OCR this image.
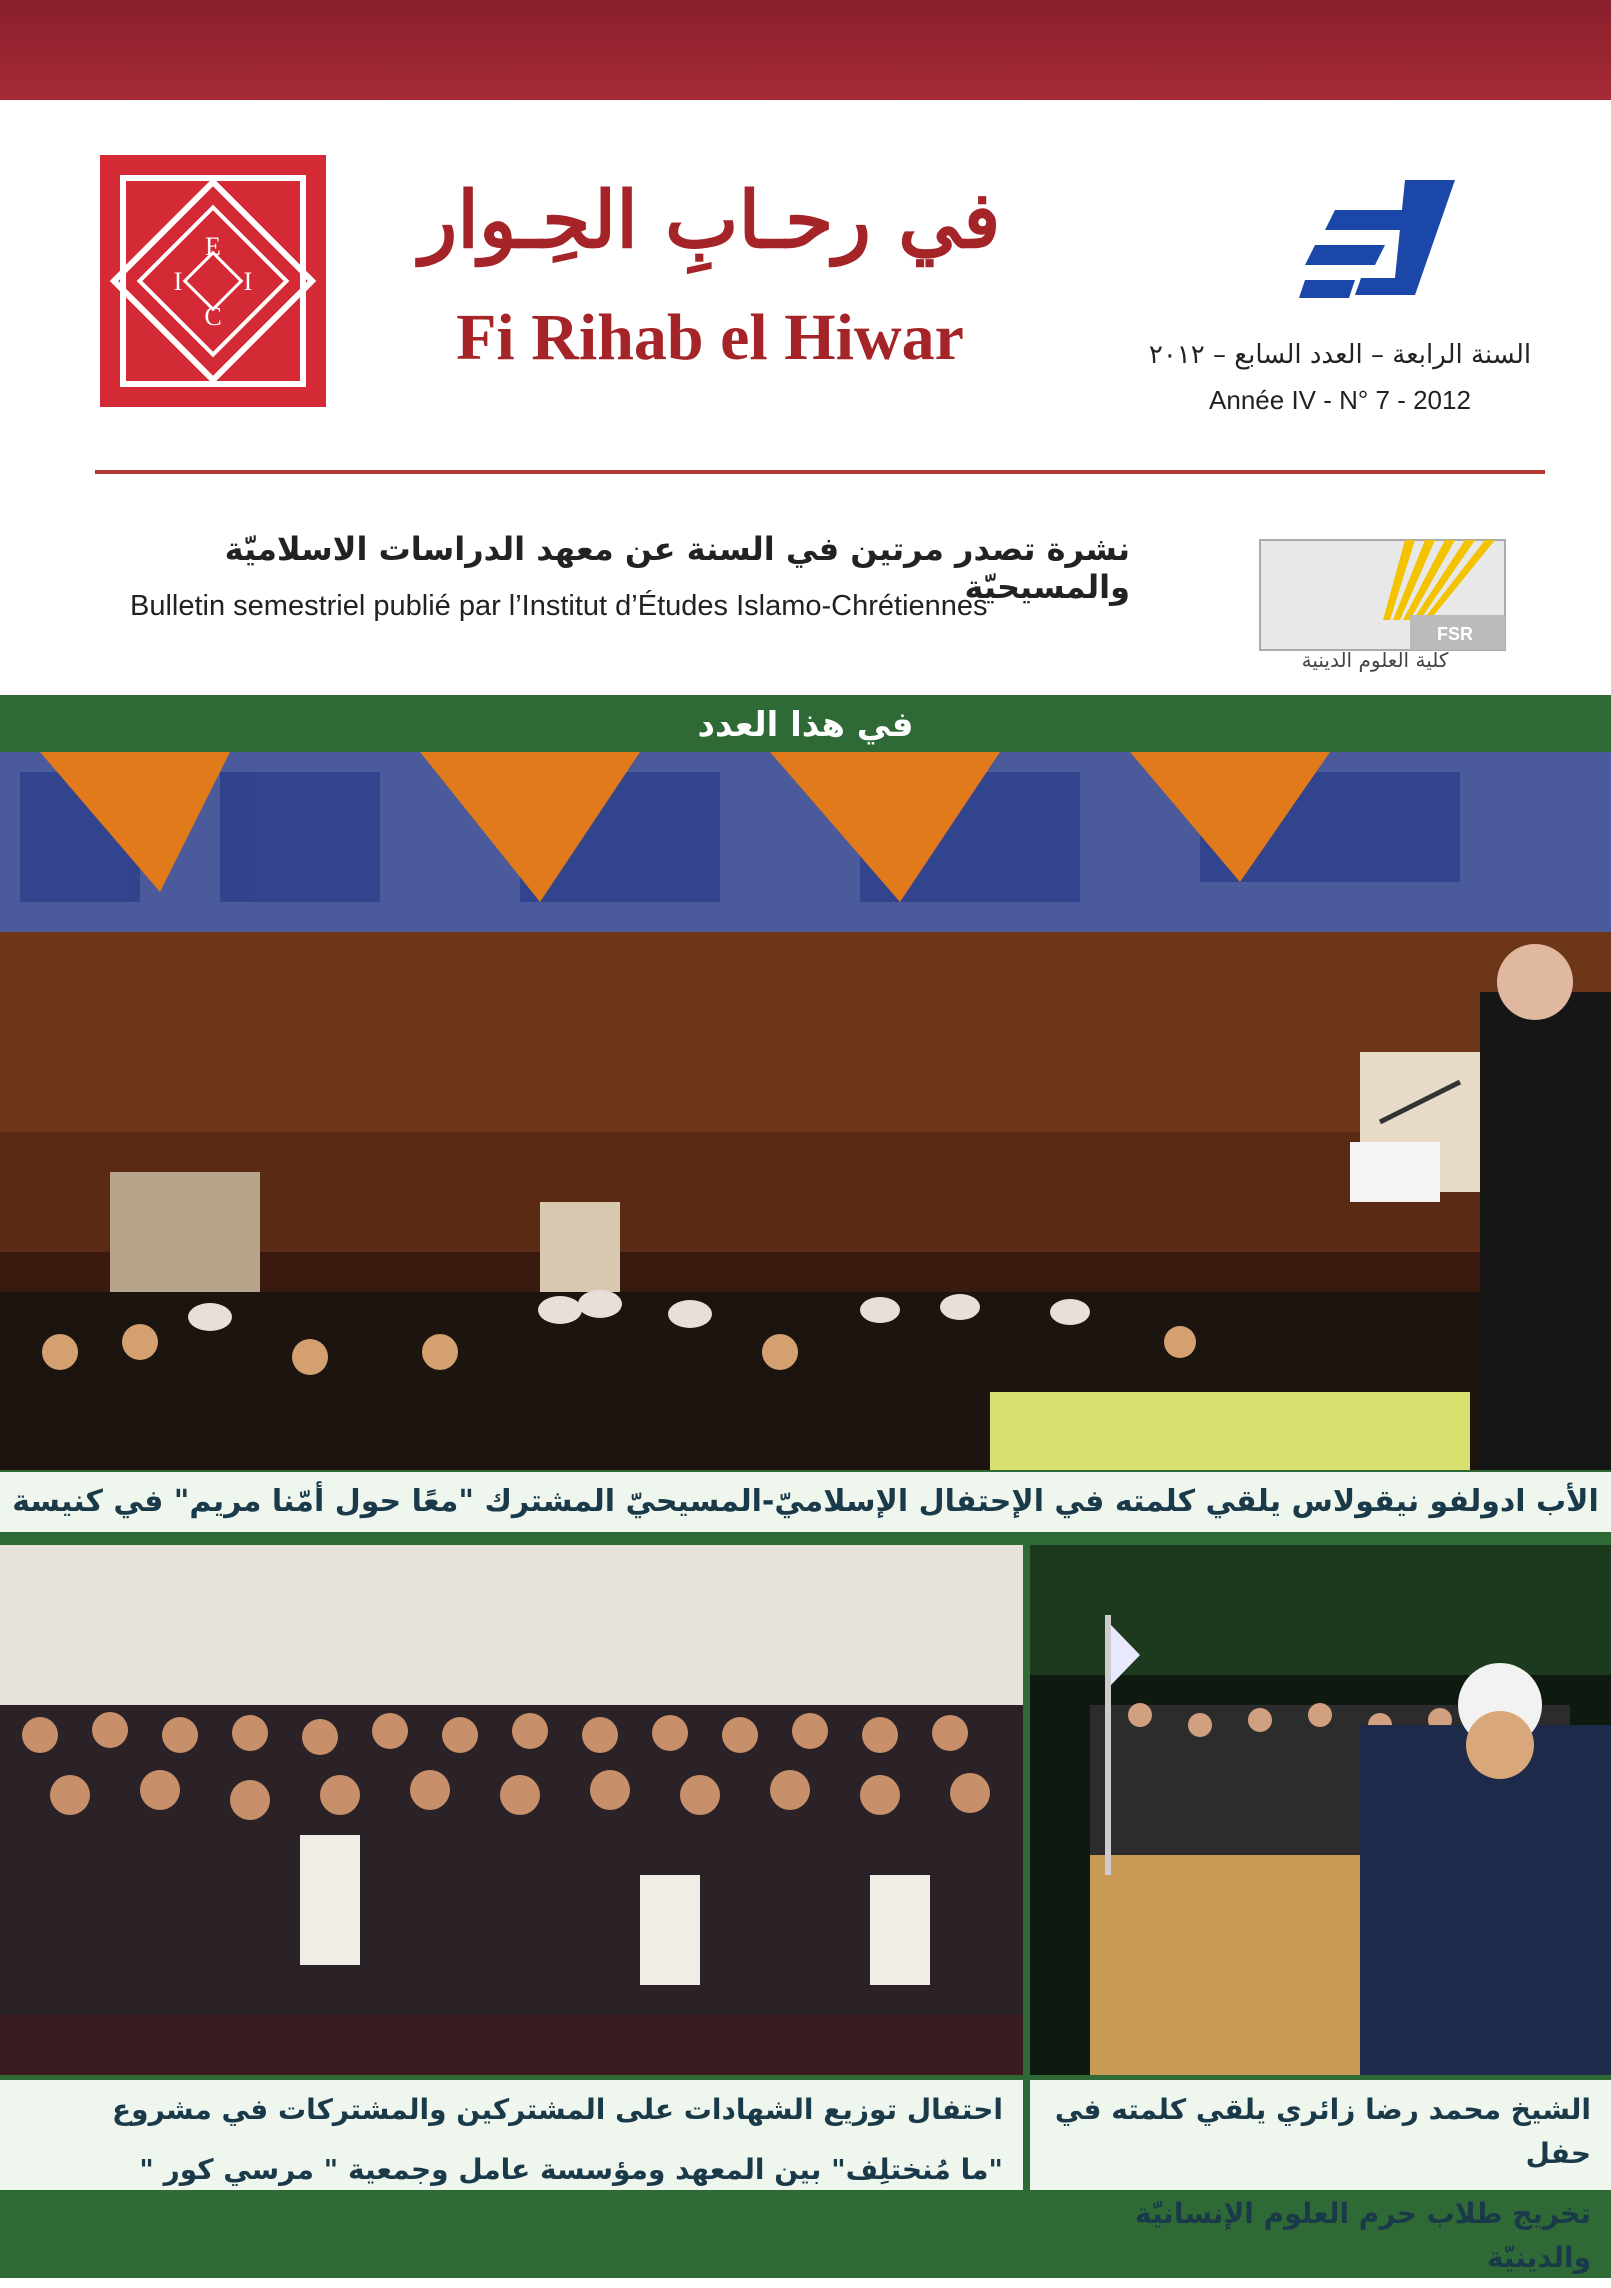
E
I I
C
في رحـابِ الحِـوار
Fi Rihab el Hiwar	السنة الرابعة – العدد السابع – ٢٠١٢
Année IV - N° 7 - 2012
نشرة تصدر مرتين في السنة عن معهد الدراسات الاسلاميّة والمسيحيّة
Bulletin semestriel publié par l’Institut d’Études Islamo-Chrétiennes
FSR
كلية العلوم الدينية
في هذا العدد
الأب ادولفو نيقولاس يلقي كلمته في الإحتفال الإسلاميّ-المسيحيّ المشترك "معًا حول أمّنا مريم" في كنيسة
احتفال توزيع الشهادات على المشتركين والمشتركات في مشروع
"ما مُنختلِف" بين المعهد ومؤسسة عامل وجمعية " مرسي كور "
الشيخ محمد رضا زائري يلقي كلمته في حفل
تخريج طلاب حرم العلوم الإنسانيّة والدينيّة
